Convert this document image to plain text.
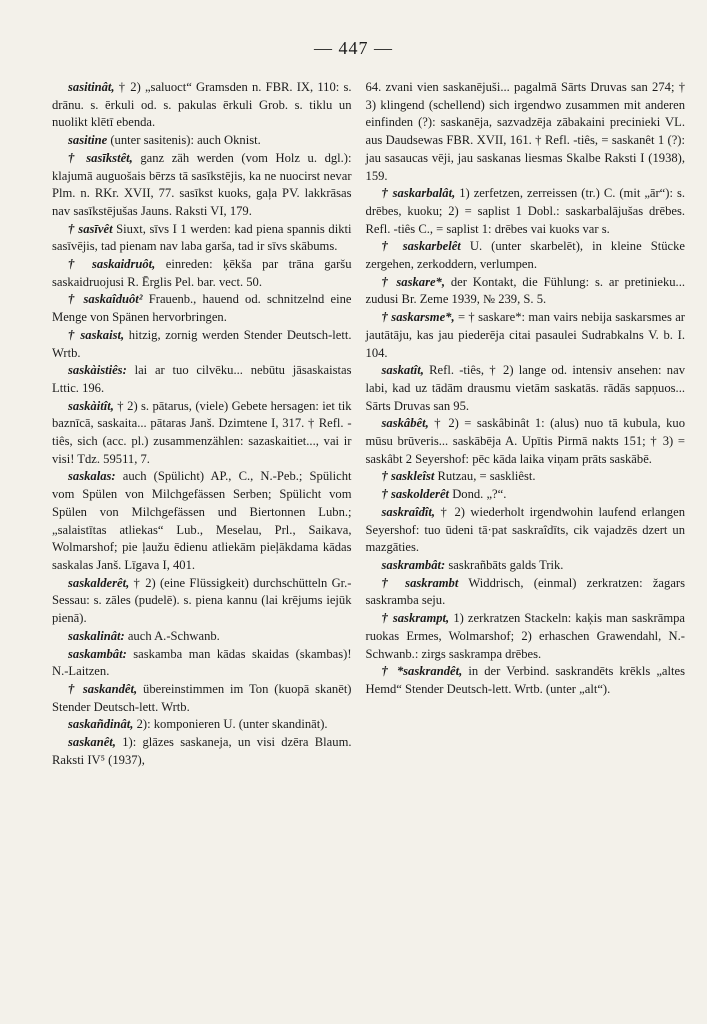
— 447 —

sasitinât, † 2) „saluoct“ Gramsden n. FBR. IX, 110: s. drānu. s. ērkuli od. s. pakulas ērkuli Grob. s. tiklu un nuolikt klētī ebenda.

sasitine (unter sasitenis): auch Oknist.

† sasīkstêt, ganz zäh werden (vom Holz u. dgl.): klajumā auguošais bērzs tā sasīkstējis, ka ne nuocirst nevar Plm. n. RKr. XVII, 77. sasīkst kuoks, gaļa PV. lakkrāsas nav sasīkstējušas Jauns. Raksti VI, 179.

† sasīvêt Siuxt, sīvs I 1 werden: kad piena spannis dikti sasīvējis, tad pienam nav laba garša, tad ir sīvs skābums.

† saskaidruôt, einreden: ķēkša par trāna garšu saskaidruojusi R. Ērglis Pel. bar. vect. 50.

† saskaîduôt² Frauenb., hauend od. schnitzelnd eine Menge von Spänen hervorbringen.

† saskaist, hitzig, zornig werden Stender Deutsch-lett. Wrtb.

saskàistiês: lai ar tuo cilvēku... nebūtu jāsaskaistas Lttic. 196.

saskàitît, † 2) s. pātarus, (viele) Gebete hersagen: iet tik baznīcā, saskaita... pātaras Janš. Dzimtene I, 317. † Refl. -tiês, sich (acc. pl.) zusammenzählen: sazaskaitiet..., vai ir visi! Tdz. 59511, 7.

saskalas: auch (Spülicht) AP., C., N.-Peb.; Spülicht vom Spülen von Milchgefässen Serben; Spülicht vom Spülen von Milchgefässen und Biertonnen Lubn.; „salaistītas atliekas“ Lub., Meselau, Prl., Saikava, Wolmarshof; pie ļaužu ēdienu atliekām pieļākdama kādas saskalas Janš. Līgava I, 401.

saskalderêt, † 2) (eine Flüssigkeit) durchschütteln Gr.-Sessau: s. zāles (pudelē). s. piena kannu (lai krējums iejūk pienā).

saskalinât: auch A.-Schwanb.

saskambât: saskamba man kādas skaidas (skambas)! N.-Laitzen.

† saskandêt, übereinstimmen im Ton (kuopā skanēt) Stender Deutsch-lett. Wrtb.

saskañdinât, 2): komponieren U. (unter skandināt).

saskanêt, 1): glāzes saskaneja, un visi dzēra Blaum. Raksti IV⁵ (1937),

64. zvani vien saskanējuši... pagalmā Sārts Druvas san 274; † 3) klingend (schellend) sich irgendwo zusammen mit anderen einfinden (?): saskanēja, sazvadzēja zābakaini precinieki VL. aus Daudsewas FBR. XVII, 161. † Refl. -tiês, = saskanêt 1 (?): jau sasaucas vēji, jau saskanas liesmas Skalbe Raksti I (1938), 159.

† saskarbalât, 1) zerfetzen, zerreissen (tr.) C. (mit „ār“): s. drēbes, kuoku; 2) = saplist 1 Dobl.: saskarbalājušas drēbes. Refl. -tiês C., = saplist 1: drēbes vai kuoks var s.

† saskarbelêt U. (unter skarbelēt), in kleine Stücke zergehen, zerkoddern, verlumpen.

† saskare*, der Kontakt, die Fühlung: s. ar pretinieku... zudusi Br. Zeme 1939, № 239, S. 5.

† saskarsme*, = † saskare*: man vairs nebija saskarsmes ar jautātāju, kas jau piederēja citai pasaulei Sudrabkalns V. b. I. 104.

saskatît, Refl. -tiês, † 2) lange od. intensiv ansehen: nav labi, kad uz tādām drausmu vietām saskatās. rādās sapņuos... Sārts Druvas san 95.

saskâbêt, † 2) = saskâbinât 1: (alus) nuo tā kubula, kuo mūsu brūveris... saskābēja A. Upītis Pirmā nakts 151; † 3) = saskâbt 2 Seyershof: pēc kāda laika viņam prāts saskābē.

† saskleîst Rutzau, = saskliêst.

† saskolderêt Dond. „?“.

saskraîdît, † 2) wiederholt irgendwohin laufend erlangen Seyershof: tuo ūdeni tā·pat saskraîdīts, cik vajadzēs dzert un mazgāties.

saskrambât: saskrañbāts galds Trik.

† saskrambt Widdrisch, (einmal) zerkratzen: žagars saskramba seju.

† saskrampt, 1) zerkratzen Stackeln: kaķis man saskrāmpa ruokas Ermes, Wolmarshof; 2) erhaschen Grawendahl, N.-Schwanb.: zirgs saskrampa drēbes.

† *saskrandêt, in der Verbind. saskrandēts krēkls „altes Hemd“ Stender Deutsch-lett. Wrtb. (unter „alt“).
